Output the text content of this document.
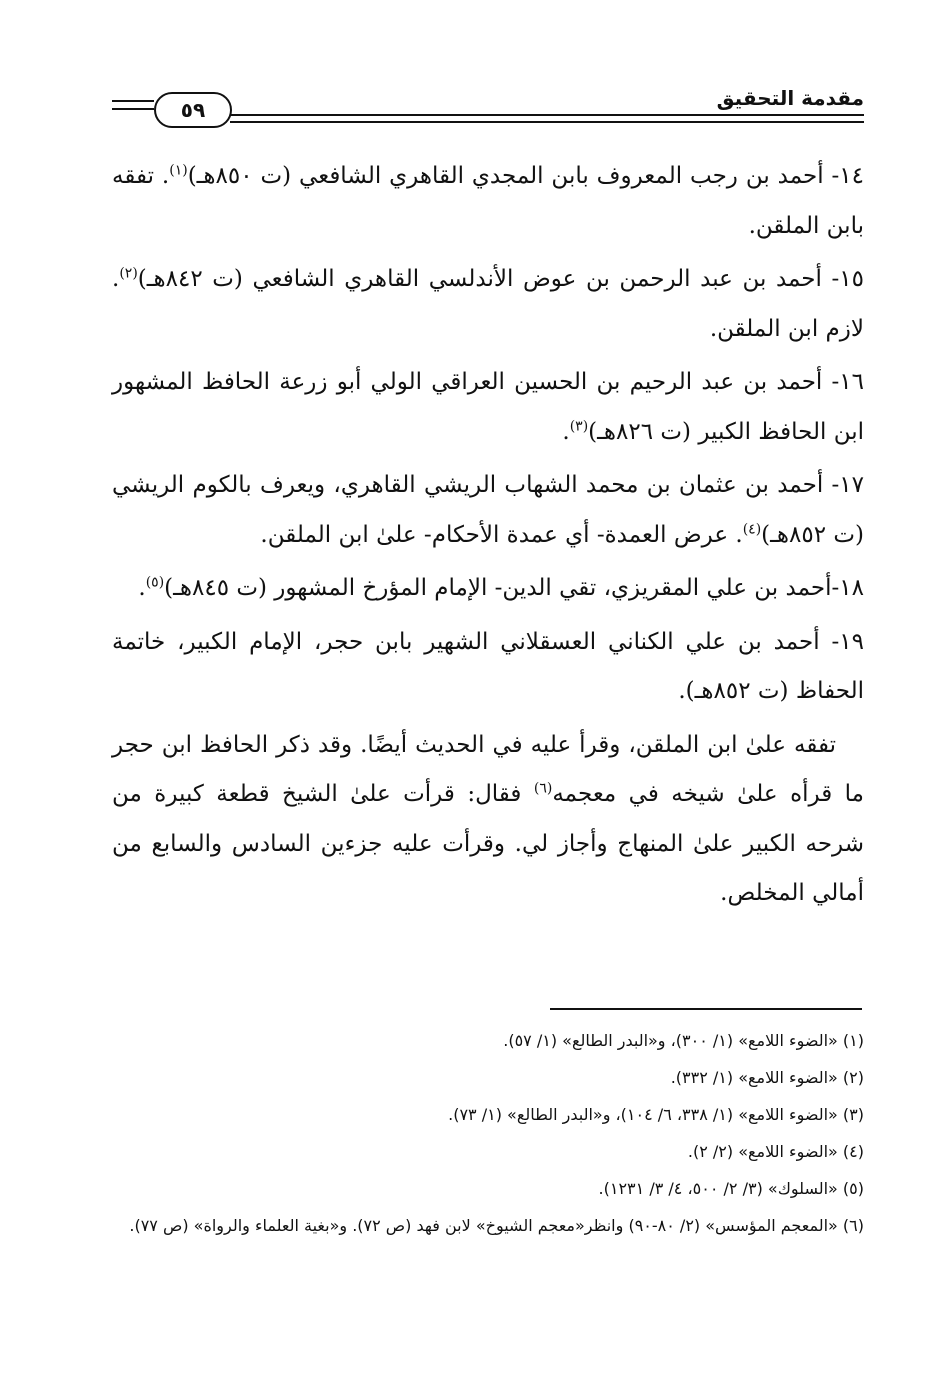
٥٩	مقدمة التحقيق

١٤- أحمد بن رجب المعروف بابن المجدي القاهري الشافعي (ت ٨٥٠هـ)$^{(١)}$. تفقه بابن الملقن.

١٥- أحمد بن عبد الرحمن بن عوض الأندلسي القاهري الشافعي (ت ٨٤٢هـ)$^{(٢)}$. لازم ابن الملقن.

١٦- أحمد بن عبد الرحيم بن الحسين العراقي الولي أبو زرعة الحافظ المشهور ابن الحافظ الكبير (ت ٨٢٦هـ)$^{(٣)}$.

١٧- أحمد بن عثمان بن محمد الشهاب الريشي القاهري، ويعرف بالكوم الريشي (ت ٨٥٢هـ)$^{(٤)}$. عرض العمدة- أي عمدة الأحكام- علىٰ ابن الملقن.

١٨-أحمد بن علي المقريزي، تقي الدين- الإمام المؤرخ المشهور (ت ٨٤٥هـ)$^{(٥)}$.

١٩- أحمد بن علي الكناني العسقلاني الشهير بابن حجر، الإمام الكبير، خاتمة الحفاظ (ت ٨٥٢هـ).

تفقه علىٰ ابن الملقن، وقرأ عليه في الحديث أيضًا. وقد ذكر الحافظ ابن حجر ما قرأه علىٰ شيخه في معجمه$^{(٦)}$ فقال: قرأت علىٰ الشيخ قطعة كبيرة من شرحه الكبير علىٰ المنهاج وأجاز لي. وقرأت عليه جزءين السادس والسابع من أمالي المخلص.

(١) «الضوء اللامع» (١/ ٣٠٠)، و«البدر الطالع» (١/ ٥٧).

(٢) «الضوء اللامع» (١/ ٣٣٢).

(٣) «الضوء اللامع» (١/ ٣٣٨، ٦/ ١٠٤)، و«البدر الطالع» (١/ ٧٣).

(٤) «الضوء اللامع» (٢/ ٢).

(٥) «السلوك» (٣/ ٢/ ٥٠٠، ٤/ ٣/ ١٢٣١).

(٦) «المعجم المؤسس» (٢/ ٨٠-٩٠) وانظر«معجم الشيوخ» لابن فهد (ص ٧٢). و«بغية العلماء والرواة» (ص ٧٧).
